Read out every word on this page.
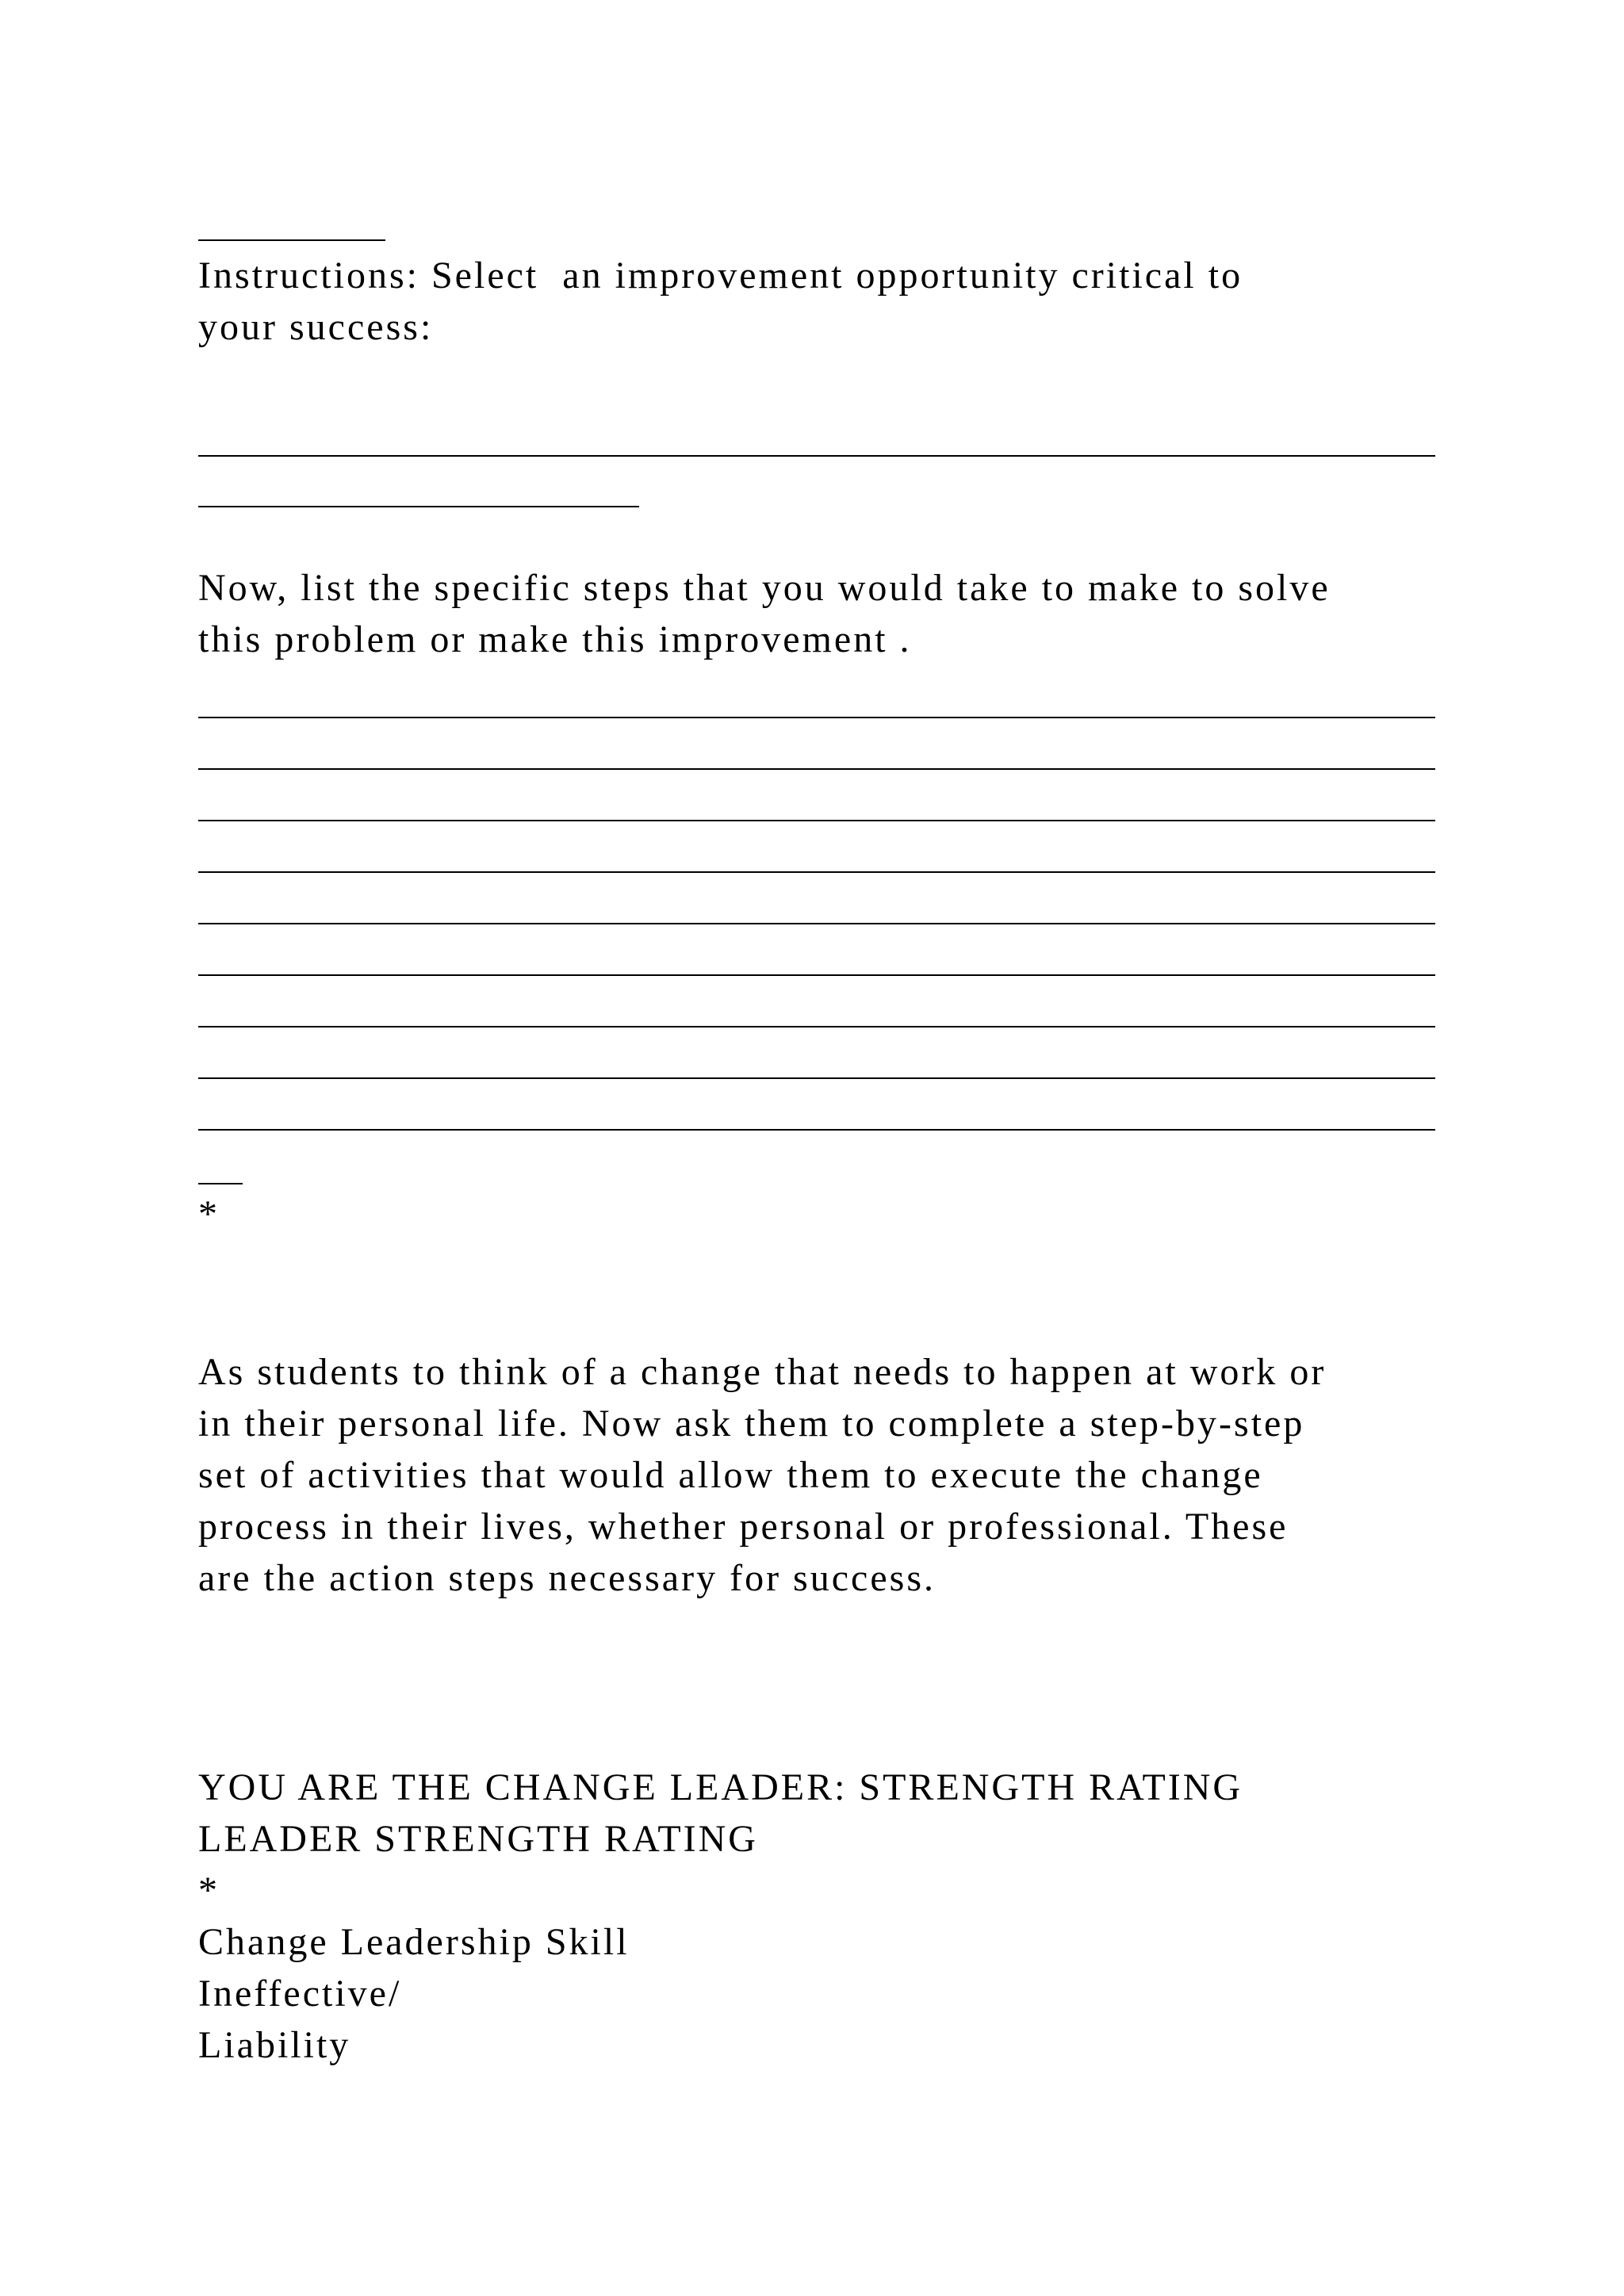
Instructions: Select  an improvement opportunity critical to
your success:
Now, list the specific steps that you would take to make to solve
this problem or make this improvement .
*
As students to think of a change that needs to happen at work or
in their personal life. Now ask them to complete a step-by-step
set of activities that would allow them to execute the change
process in their lives, whether personal or professional. These
are the action steps necessary for success.
YOU ARE THE CHANGE LEADER: STRENGTH RATING
LEADER STRENGTH RATING
*
Change Leadership Skill
Ineffective/
Liability
